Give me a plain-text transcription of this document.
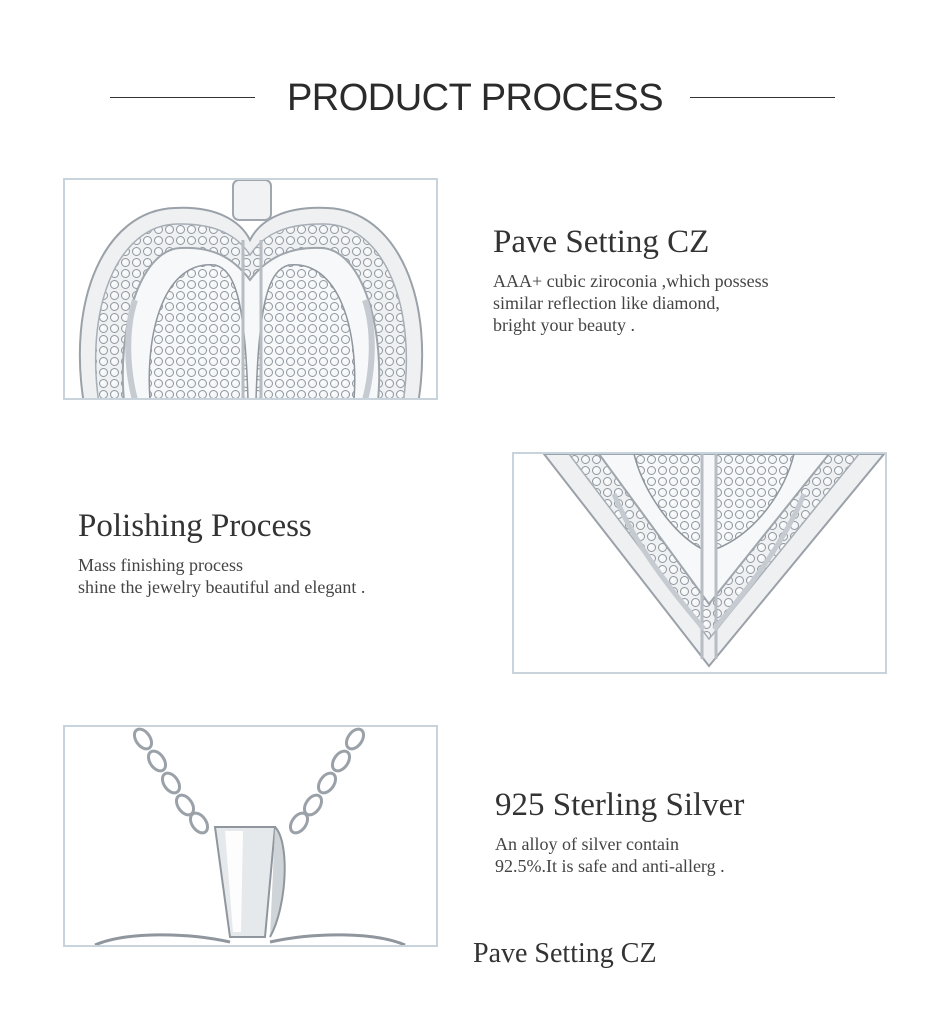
PRODUCT PROCESS
Pave Setting CZ
AAA+ cubic ziroconia ,which possess
similar reflection like diamond,
bright your beauty .
Polishing Process
Mass finishing process
shine the jewelry beautiful and elegant .
925 Sterling Silver
An alloy of silver contain
92.5%.It is safe and anti-allerg .
Pave Setting CZ
